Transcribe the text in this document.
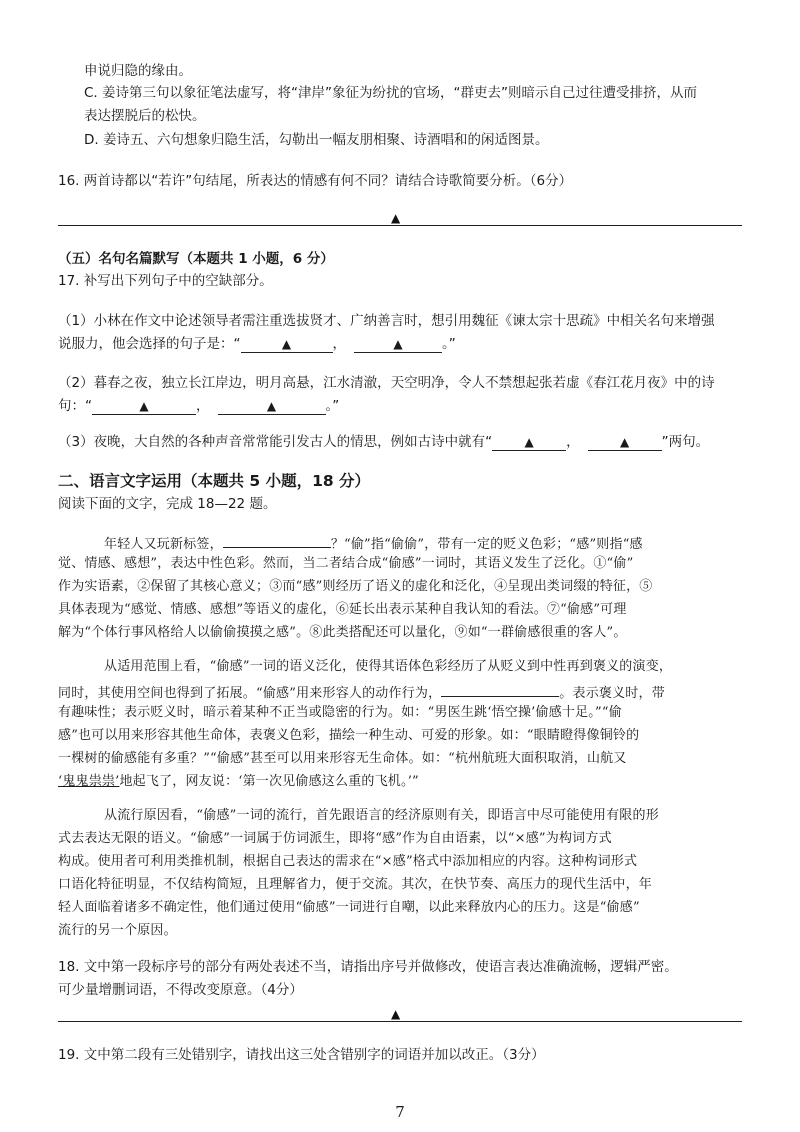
申说归隐的缘由。
C. 姜诗第三句以象征笔法虚写，将“津岸”象征为纷扰的官场，“群吏去”则暗示自己过往遭受排挤，从而
表达摆脱后的松快。
D. 姜诗五、六句想象归隐生活，勾勒出一幅友朋相聚、诗酒唱和的闲适图景。
16. 两首诗都以“若许”句结尾，所表达的情感有何不同？请结合诗歌简要分析。（6分）
▲
（五）名句名篇默写（本题共 1 小题，6 分）
17. 补写出下列句子中的空缺部分。
（1）小林在作文中论述领导者需注重选拔贤才、广纳善言时，想引用魏征《谏太宗十思疏》中相关名句来增强
说服力，他会选择的句子是：“	▲	，	▲	。”
（2）暮春之夜，独立长江岸边，明月高悬，江水清澈，天空明净，令人不禁想起张若虚《春江花月夜》中的诗
句：“	▲	，	▲	。”
（3）夜晚，大自然的各种声音常常能引发古人的情思，例如古诗中就有“	▲ ，	▲ ”两句。
二、语言文字运用（本题共 5 小题，18 分）
阅读下面的文字，完成 18—22 题。
年轻人又玩新标签，	？“偷”指“偷偷”，带有一定的贬义色彩；“感”则指“感
觉、情感、感想”，表达中性色彩。然而，当二者结合成“偷感”一词时，其语义发生了泛化。①“偷”
作为实语素，②保留了其核心意义；③而“感”则经历了语义的虚化和泛化，④呈现出类词缀的特征，⑤
具体表现为“感觉、情感、感想”等语义的虚化，⑥延长出表示某种自我认知的看法。⑦“偷感”可理
解为“个体行事风格给人以偷偷摸摸之感”。⑧此类搭配还可以量化，⑨如“一群偷感很重的客人”。
从适用范围上看，“偷感”一词的语义泛化，使得其语体色彩经历了从贬义到中性再到褒义的演变，
同时，其使用空间也得到了拓展。“偷感”用来形容人的动作行为，	。表示褒义时，带
有趣味性；表示贬义时，暗示着某种不正当或隐密的行为。如：“男医生跳‘悟空操’偷感十足。”“偷
感”也可以用来形容其他生命体，表褒义色彩，描绘一种生动、可爱的形象。如：“眼睛瞪得像铜铃的
一棵树的偷感能有多重？”“偷感”甚至可以用来形容无生命体。如：“杭州航班大面积取消，山航又
‘鬼鬼祟祟’地起飞了，网友说：‘第一次见偷感这么重的飞机。’”
从流行原因看，“偷感”一词的流行，首先跟语言的经济原则有关，即语言中尽可能使用有限的形
式去表达无限的语义。“偷感”一词属于仿词派生，即将“感”作为自由语素，以“×感”为构词方式
构成。使用者可利用类推机制，根据自己表达的需求在“×感”格式中添加相应的内容。这种构词形式
口语化特征明显，不仅结构简短，且理解省力，便于交流。其次，在快节奏、高压力的现代生活中，年
轻人面临着诸多不确定性，他们通过使用“偷感”一词进行自嘲，以此来释放内心的压力。这是“偷感”
流行的另一个原因。
18. 文中第一段标序号的部分有两处表述不当，请指出序号并做修改，使语言表达准确流畅，逻辑严密。
可少量增删词语，不得改变原意。（4分）
▲
19. 文中第二段有三处错别字，请找出这三处含错别字的词语并加以改正。（3分）
7
